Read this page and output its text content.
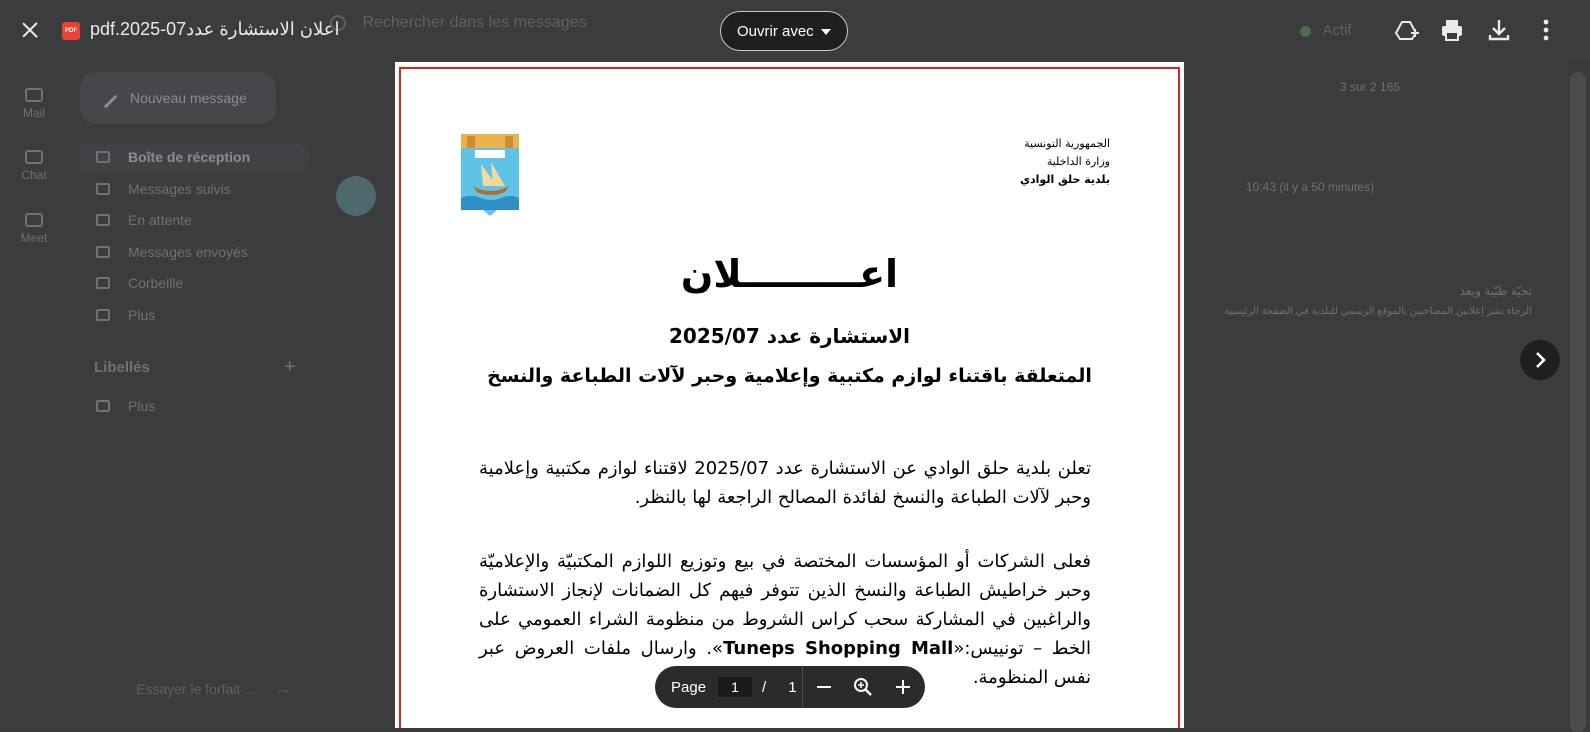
Mail
Chat
Meet
Rechercher dans les messages	Actif
Nouveau message
Boîte de réception
Messages suivis
En attente
Messages envoyés
Corbeille
Plus
Libellés	+
Plus
Essayer le forfait ... →
3 sur 2 165
10:43 (il y a 50 minutes)
تحيّة طيّبة وبعد
الرجاء نشر إعلانين المصاحبين بالموقع الرسمي للبلدية في الصفحة الرئيسية
PDF اعلان الاستشارة عدد07-2025.pdf	Ouvrir avec
الجمهورية التونسية
وزارة الداخلية
بلدية حلق الوادي
اعـــــــــلان
الاستشارة عدد 2025/07
المتعلقة باقتناء لوازم مكتبية وإعلامية وحبر لآلات الطباعة والنسخ
تعلن بلدية حلق الوادي عن الاستشارة عدد 2025/07 لاقتناء لوازم مكتبية وإعلامية وحبر لآلات الطباعة والنسخ لفائدة المصالح الراجعة لها بالنظر.
فعلى الشركات أو المؤسسات المختصة في بيع وتوزيع اللوازم المكتبيّة والإعلاميّة وحبر خراطيش الطباعة والنسخ الذين تتوفر فيهم كل الضمانات لإنجاز الاستشارة والراغبين في المشاركة سحب كراس الشروط من منظومة الشراء العمومي على الخط – تونييس:«Tuneps Shopping Mall». وارسال ملفات العروض عبر نفس المنظومة.
Page	1	/ 1
